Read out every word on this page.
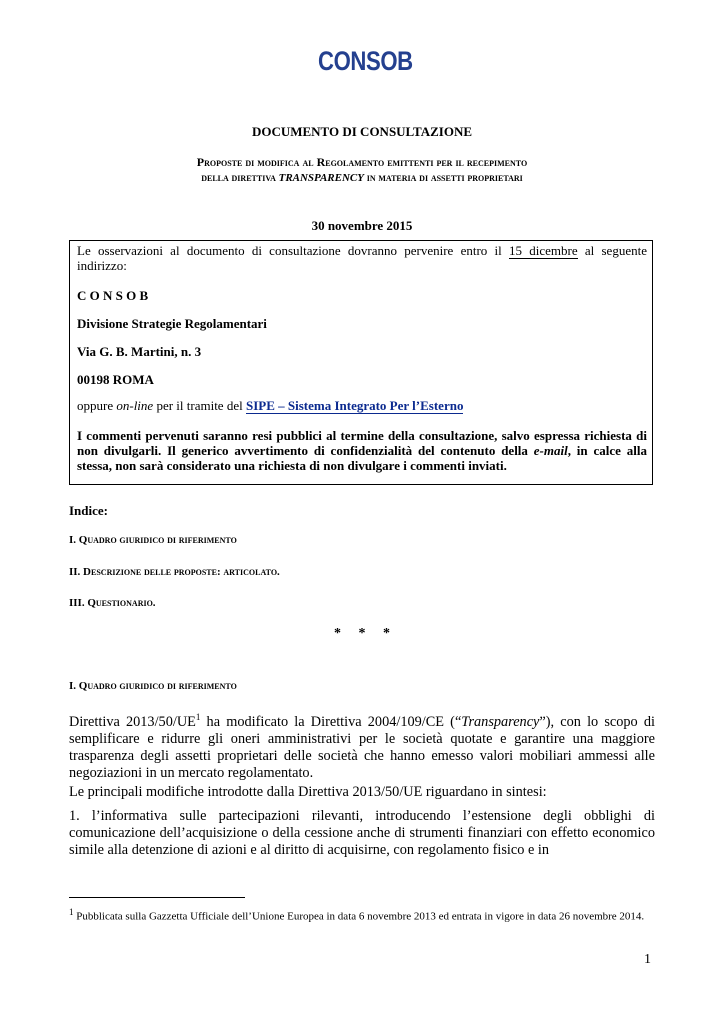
CONSOB
DOCUMENTO DI CONSULTAZIONE
Proposte di modifica al Regolamento emittenti per il recepimento
della direttiva TRANSPARENCY in materia di assetti proprietari
30 novembre 2015
Le osservazioni al documento di consultazione dovranno pervenire entro il 15 dicembre al seguente indirizzo:
C O N S O B
Divisione Strategie Regolamentari
Via G. B. Martini, n. 3
00198 ROMA
oppure on-line per il tramite del SIPE – Sistema Integrato Per l’Esterno
I commenti pervenuti saranno resi pubblici al termine della consultazione, salvo espressa richiesta di non divulgarli. Il generico avvertimento di confidenzialità del contenuto della e-mail, in calce alla stessa, non sarà considerato una richiesta di non divulgare i commenti inviati.
Indice:
I. Quadro giuridico di riferimento
II. Descrizione delle proposte: articolato.
III. Questionario.
* * *
I. Quadro giuridico di riferimento
Direttiva $2013/50/UE^1$ ha modificato la Direttiva 2004/109/CE (“Transparency”), con lo scopo di semplificare e ridurre gli oneri amministrativi per le società quotate e garantire una maggiore trasparenza degli assetti proprietari delle società che hanno emesso valori mobiliari ammessi alle negoziazioni in un mercato regolamentato.
Le principali modifiche introdotte dalla Direttiva 2013/50/UE riguardano in sintesi:
1. l’informativa sulle partecipazioni rilevanti, introducendo l’estensione degli obblighi di comunicazione dell’acquisizione o della cessione anche di strumenti finanziari con effetto economico simile alla detenzione di azioni e al diritto di acquisirne, con regolamento fisico e in
$^1$ Pubblicata sulla Gazzetta Ufficiale dell’Unione Europea in data 6 novembre 2013 ed entrata in vigore in data 26 novembre 2014.
1
